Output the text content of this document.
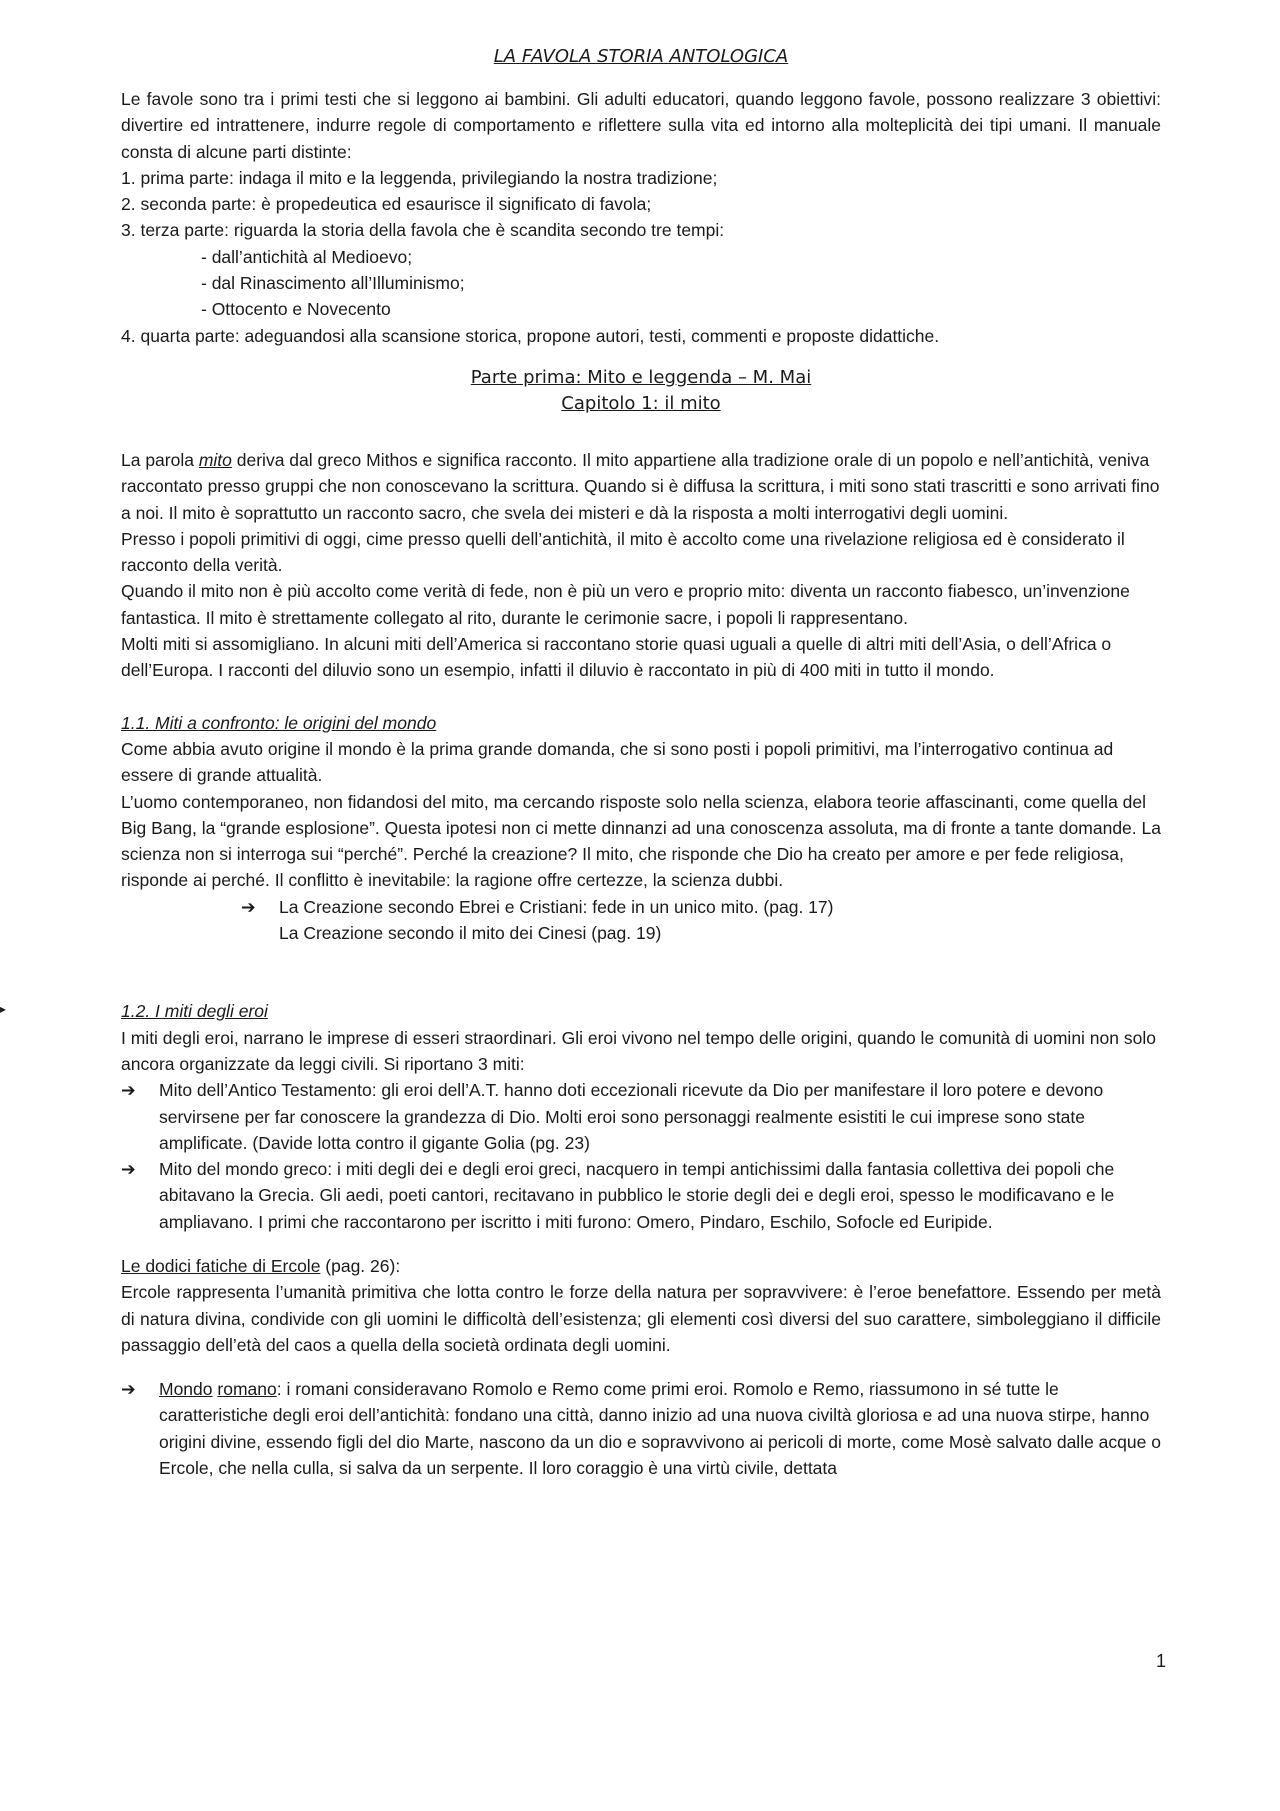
LA FAVOLA STORIA ANTOLOGICA

Le favole sono tra i primi testi che si leggono ai bambini. Gli adulti educatori, quando leggono favole, possono realizzare 3 obiettivi: divertire ed intrattenere, indurre regole di comportamento e riflettere sulla vita ed intorno alla molteplicità dei tipi umani. Il manuale consta di alcune parti distinte:

1. prima parte: indaga il mito e la leggenda, privilegiando la nostra tradizione;

2. seconda parte: è propedeutica ed esaurisce il significato di favola;

3. terza parte: riguarda la storia della favola che è scandita secondo tre tempi:

- dall’antichità al Medioevo;

- dal Rinascimento all’Illuminismo;

- Ottocento e Novecento

4. quarta parte: adeguandosi alla scansione storica, propone autori, testi, commenti e proposte didattiche.

Parte prima: Mito e leggenda – M. Mai
Capitolo 1: il mito

La parola mito deriva dal greco Mithos e significa racconto. Il mito appartiene alla tradizione orale di un popolo e nell’antichità, veniva raccontato presso gruppi che non conoscevano la scrittura. Quando si è diffusa la scrittura, i miti sono stati trascritti e sono arrivati fino a noi. Il mito è soprattutto un racconto sacro, che svela dei misteri e dà la risposta a molti interrogativi degli uomini.

Presso i popoli primitivi di oggi, cime presso quelli dell’antichità, il mito è accolto come una rivelazione religiosa ed è considerato il racconto della verità.

Quando il mito non è più accolto come verità di fede, non è più un vero e proprio mito: diventa un racconto fiabesco, un’invenzione fantastica. Il mito è strettamente collegato al rito, durante le cerimonie sacre, i popoli li rappresentano.

Molti miti si assomigliano. In alcuni miti dell’America si raccontano storie quasi uguali a quelle di altri miti dell’Asia, o dell’Africa o dell’Europa. I racconti del diluvio sono un esempio, infatti il diluvio è raccontato in più di 400 miti in tutto il mondo.

1.1. Miti a confronto: le origini del mondo

Come abbia avuto origine il mondo è la prima grande domanda, che si sono posti i popoli primitivi, ma l’interrogativo continua ad essere di grande attualità.

L’uomo contemporaneo, non fidandosi del mito, ma cercando risposte solo nella scienza, elabora teorie affascinanti, come quella del Big Bang, la “grande esplosione”. Questa ipotesi non ci mette dinnanzi ad una conoscenza assoluta, ma di fronte a tante domande. La scienza non si interroga sui “perché”. Perché la creazione? Il mito, che risponde che Dio ha creato per amore e per fede religiosa, risponde ai perché. Il conflitto è inevitabile: la ragione offre certezze, la scienza dubbi.

➔	La Creazione secondo Ebrei e Cristiani: fede in un unico mito. (pag. 17)
La Creazione secondo il mito dei Cinesi (pag. 19)

1.2. I miti degli eroi

I miti degli eroi, narrano le imprese di esseri straordinari. Gli eroi vivono nel tempo delle origini, quando le comunità di uomini non solo ancora organizzate da leggi civili. Si riportano 3 miti:

➔	Mito dell’Antico Testamento: gli eroi dell’A.T. hanno doti eccezionali ricevute da Dio per manifestare il loro potere e devono servirsene per far conoscere la grandezza di Dio. Molti eroi sono personaggi realmente esistiti le cui imprese sono state amplificate. (Davide lotta contro il gigante Golia (pg. 23)
➔	Mito del mondo greco: i miti degli dei e degli eroi greci, nacquero in tempi antichissimi dalla fantasia collettiva dei popoli che abitavano la Grecia. Gli aedi, poeti cantori, recitavano in pubblico le storie degli dei e degli eroi, spesso le modificavano e le ampliavano. I primi che raccontarono per iscritto i miti furono: Omero, Pindaro, Eschilo, Sofocle ed Euripide.

Le dodici fatiche di Ercole (pag. 26):

Ercole rappresenta l’umanità primitiva che lotta contro le forze della natura per sopravvivere: è l’eroe benefattore. Essendo per metà di natura divina, condivide con gli uomini le difficoltà dell’esistenza; gli elementi così diversi del suo carattere, simboleggiano il difficile passaggio dell’età del caos a quella della società ordinata degli uomini.

➔	Mondo romano: i romani consideravano Romolo e Remo come primi eroi. Romolo e Remo, riassumono in sé tutte le caratteristiche degli eroi dell’antichità: fondano una città, danno inizio ad una nuova civiltà gloriosa e ad una nuova stirpe, hanno origini divine, essendo figli del dio Marte, nascono da un dio e sopravvivono ai pericoli di morte, come Mosè salvato dalle acque o Ercole, che nella culla, si salva da un serpente. Il loro coraggio è una virtù civile, dettata
▸
1
